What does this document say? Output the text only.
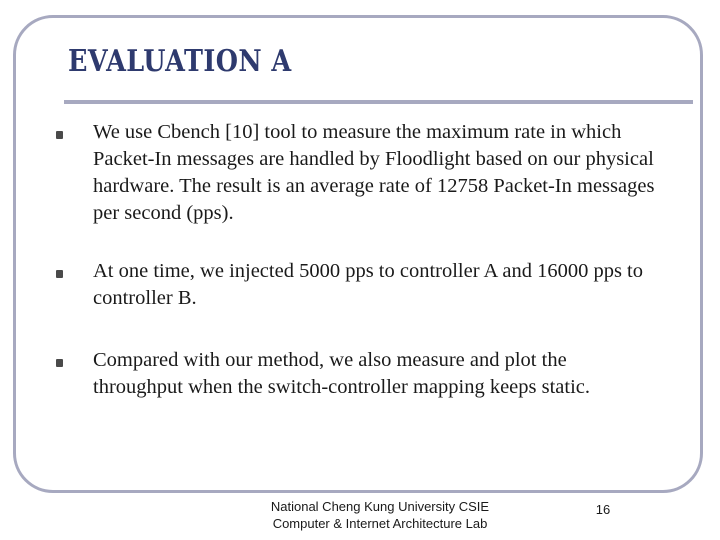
EVALUATION A
We use Cbench [10] tool to measure the maximum rate in which Packet-In messages are handled by Floodlight based on our physical hardware. The result is an average rate of 12758 Packet-In messages per second (pps).
At one time, we injected 5000 pps to controller A and 16000 pps to controller B.
Compared with our method, we also measure and plot the throughput when the switch-controller mapping keeps static.
National Cheng Kung University CSIE
Computer & Internet Architecture Lab
16
